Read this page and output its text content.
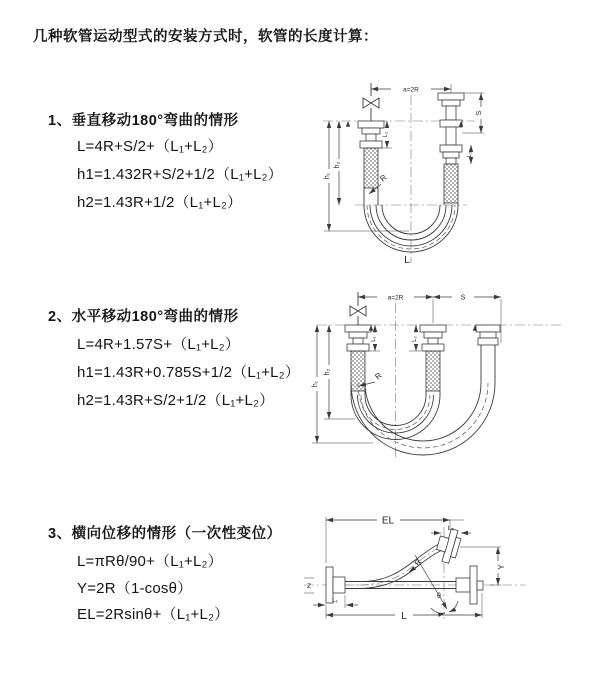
几种软管运动型式的安装方式时，软管的长度计算：
1、垂直移动180°弯曲的情形
L=4R+S/2+（L₁+L₂）
h1=1.432R+S/2+1/2（L₁+L₂）
h2=1.43R+1/2（L₁+L₂）
2、水平移动180°弯曲的情形
L=4R+1.57S+（L₁+L₂）
h1=1.43R+0.785S+1/2（L₁+L₂）
h2=1.43R+S/2+1/2（L₁+L₂）
3、横向位移的情形（一次性变位）
L=πRθ/90+（L₁+L₂）
Y=2R（1-cosθ）
EL=2Rsinθ+（L₁+L₂）
a=2R
h₁
h₂
L₁
S
L₂
R
L
a=2R	S
h₁
h₂
L₁	L₂
R
EL
L₂
Y
L
L₁
R
θ
Z
